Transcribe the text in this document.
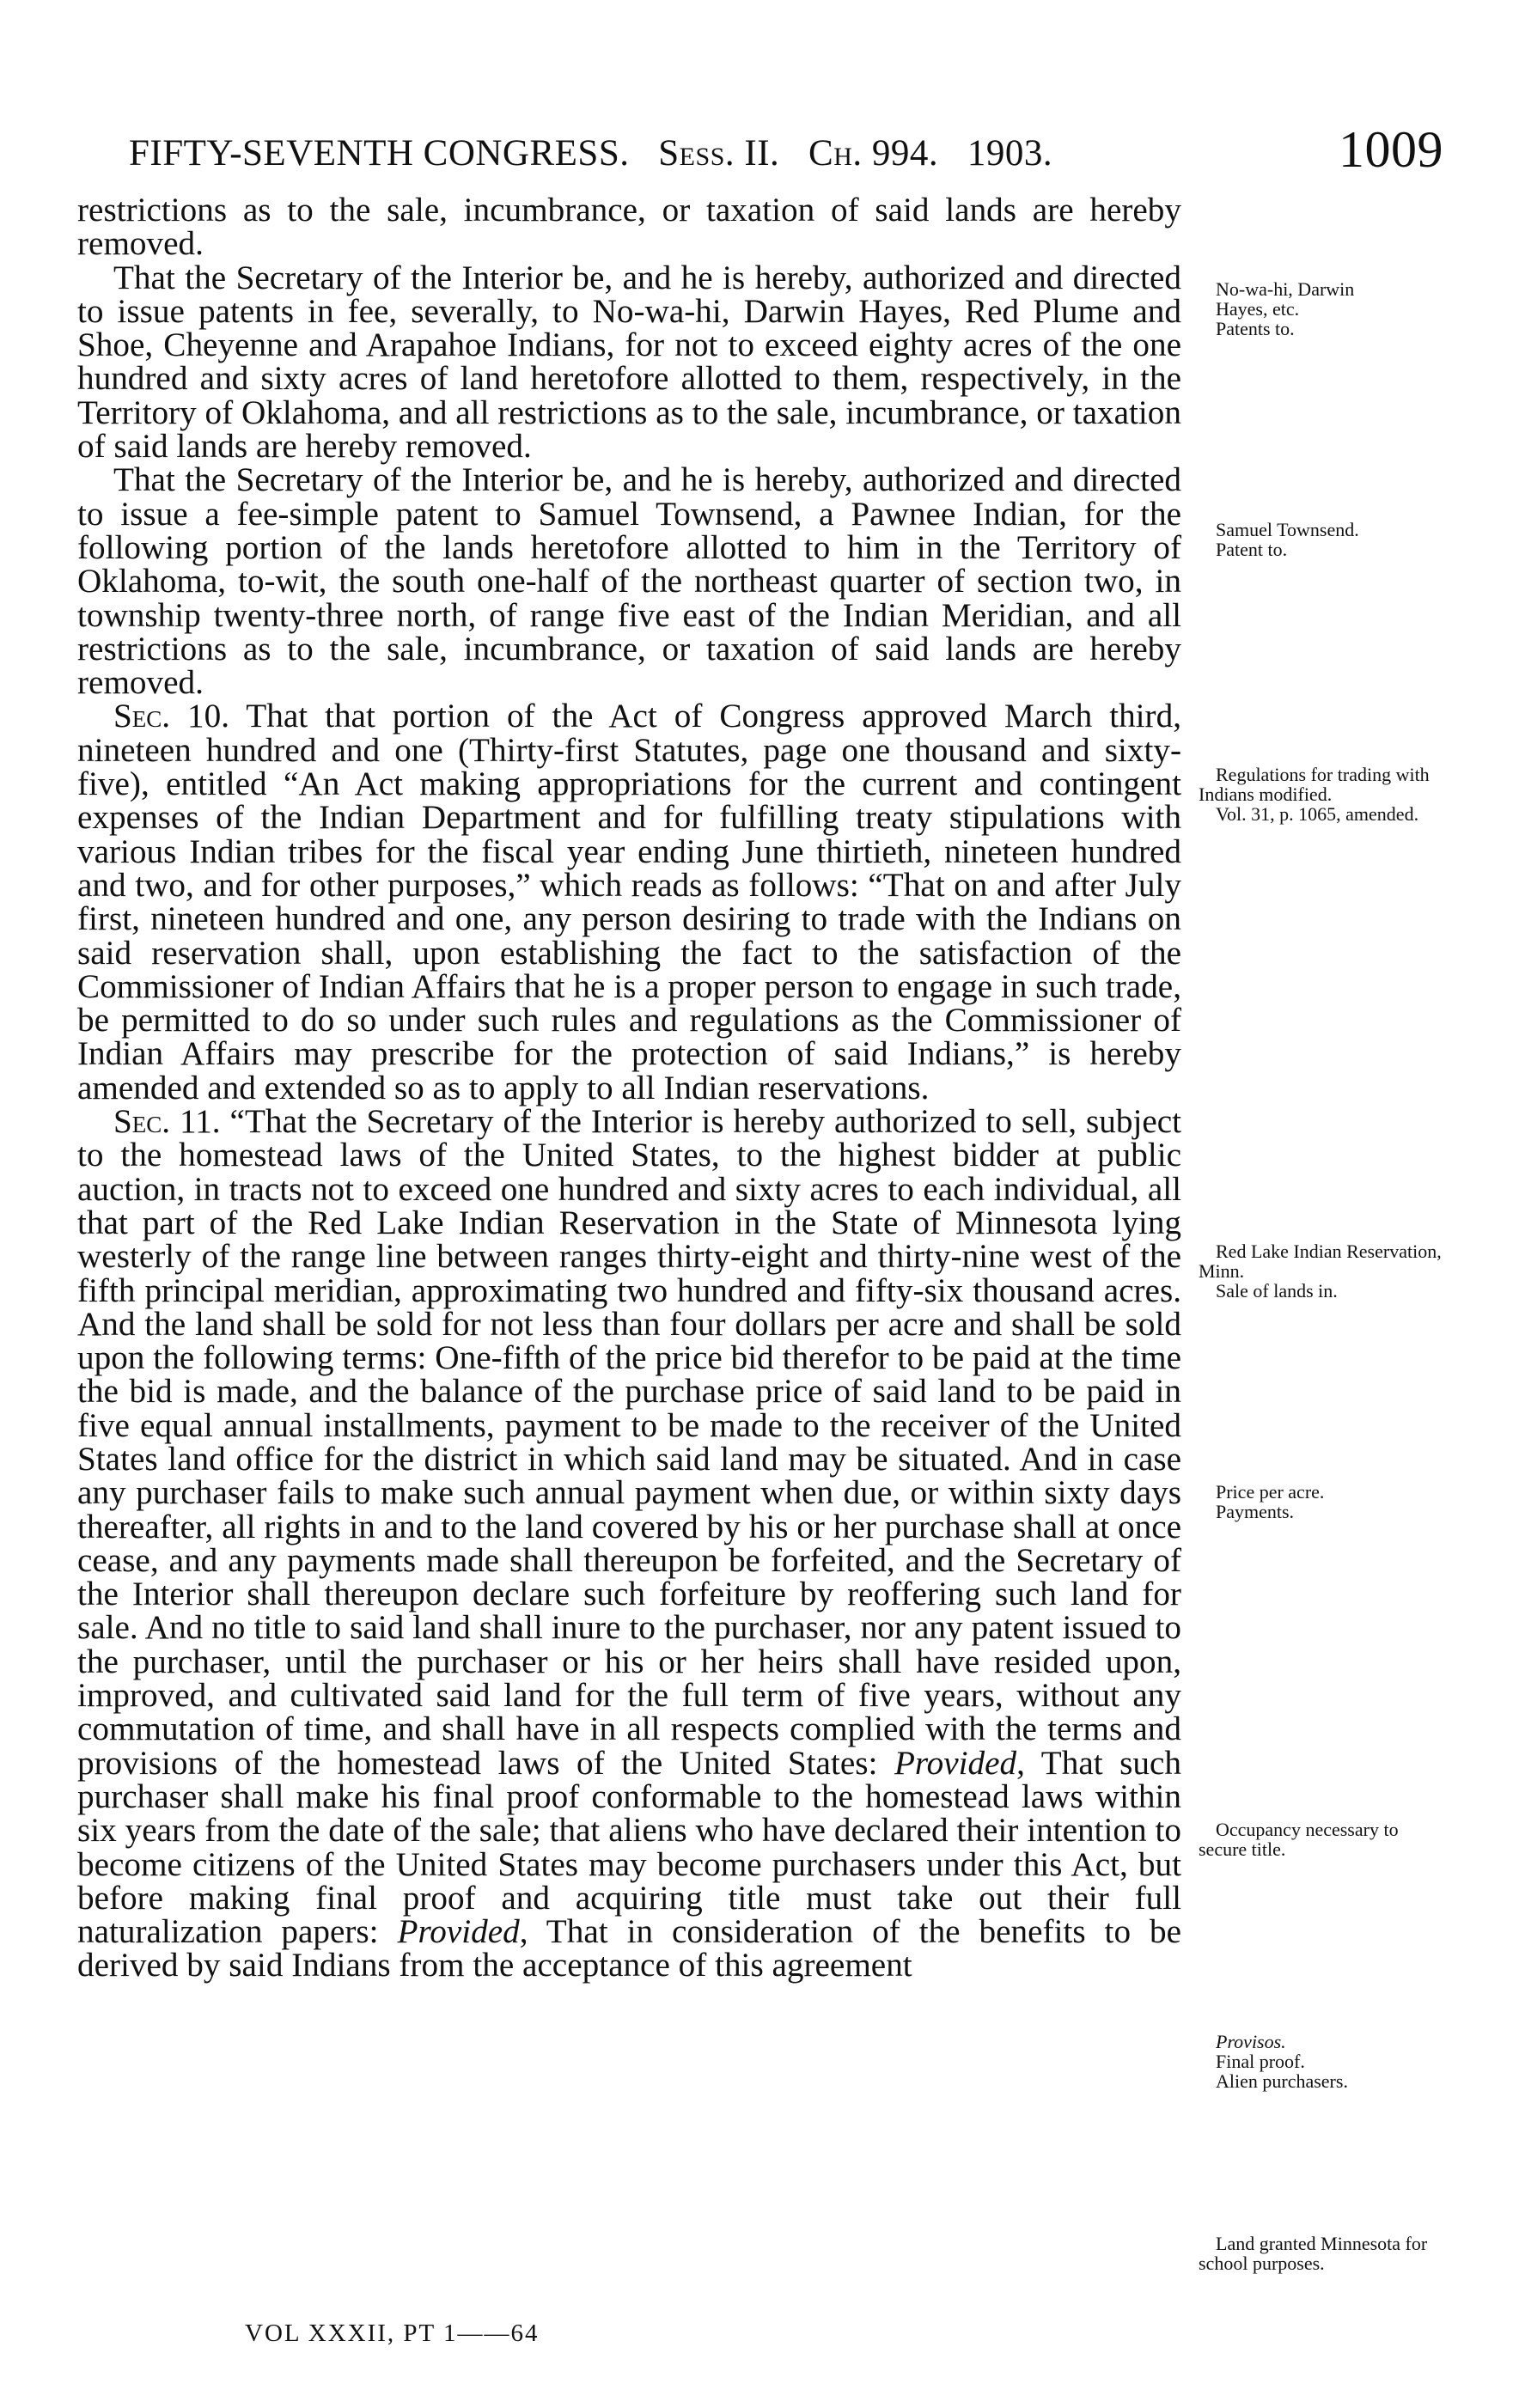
FIFTY-SEVENTH CONGRESS. Sess. II. Ch. 994. 1903.	1009

restrictions as to the sale, incumbrance, or taxation of said lands are hereby removed.

That the Secretary of the Interior be, and he is hereby, authorized and directed to issue patents in fee, severally, to No-wa-hi, Darwin Hayes, Red Plume and Shoe, Cheyenne and Arapahoe Indians, for not to exceed eighty acres of the one hundred and sixty acres of land heretofore allotted to them, respectively, in the Territory of Oklahoma, and all restrictions as to the sale, incumbrance, or taxation of said lands are hereby removed.

That the Secretary of the Interior be, and he is hereby, authorized and directed to issue a fee-simple patent to Samuel Townsend, a Pawnee Indian, for the following portion of the lands heretofore allotted to him in the Territory of Oklahoma, to-wit, the south one-half of the northeast quarter of section two, in township twenty-three north, of range five east of the Indian Meridian, and all restrictions as to the sale, incumbrance, or taxation of said lands are hereby removed.

Sec. 10. That that portion of the Act of Congress approved March third, nineteen hundred and one (Thirty-first Statutes, page one thousand and sixty-five), entitled “An Act making appropriations for the current and contingent expenses of the Indian Department and for fulfilling treaty stipulations with various Indian tribes for the fiscal year ending June thirtieth, nineteen hundred and two, and for other purposes,” which reads as follows: “That on and after July first, nineteen hundred and one, any person desiring to trade with the Indians on said reservation shall, upon establishing the fact to the satisfaction of the Commissioner of Indian Affairs that he is a proper person to engage in such trade, be permitted to do so under such rules and regulations as the Commissioner of Indian Affairs may prescribe for the protection of said Indians,” is hereby amended and extended so as to apply to all Indian reservations.

Sec. 11. “That the Secretary of the Interior is hereby authorized to sell, subject to the homestead laws of the United States, to the highest bidder at public auction, in tracts not to exceed one hundred and sixty acres to each individual, all that part of the Red Lake Indian Reservation in the State of Minnesota lying westerly of the range line between ranges thirty-eight and thirty-nine west of the fifth principal meridian, approximating two hundred and fifty-six thousand acres. And the land shall be sold for not less than four dollars per acre and shall be sold upon the following terms: One-fifth of the price bid therefor to be paid at the time the bid is made, and the balance of the purchase price of said land to be paid in five equal annual installments, payment to be made to the receiver of the United States land office for the district in which said land may be situated. And in case any purchaser fails to make such annual payment when due, or within sixty days thereafter, all rights in and to the land covered by his or her purchase shall at once cease, and any payments made shall thereupon be forfeited, and the Secretary of the Interior shall thereupon declare such forfeiture by reoffering such land for sale. And no title to said land shall inure to the purchaser, nor any patent issued to the purchaser, until the purchaser or his or her heirs shall have resided upon, improved, and cultivated said land for the full term of five years, without any commutation of time, and shall have in all respects complied with the terms and provisions of the homestead laws of the United States: Provided, That such purchaser shall make his final proof conformable to the homestead laws within six years from the date of the sale; that aliens who have declared their intention to become citizens of the United States may become purchasers under this Act, but before making final proof and acquiring title must take out their full naturalization papers: Provided, That in consideration of the benefits to be derived by said Indians from the acceptance of this agreement

No-wa-hi, Darwin
Hayes, etc.
Patents to.
Samuel Townsend.
Patent to.
Regulations for trading with Indians modified.
Vol. 31, p. 1065, amended.
Red Lake Indian Reservation, Minn.
Sale of lands in.
Price per acre.
Payments.
Occupancy necessary to secure title.
Provisos.
Final proof.
Alien purchasers.
Land granted Minnesota for school purposes.
VOL XXXII, PT 1——64
